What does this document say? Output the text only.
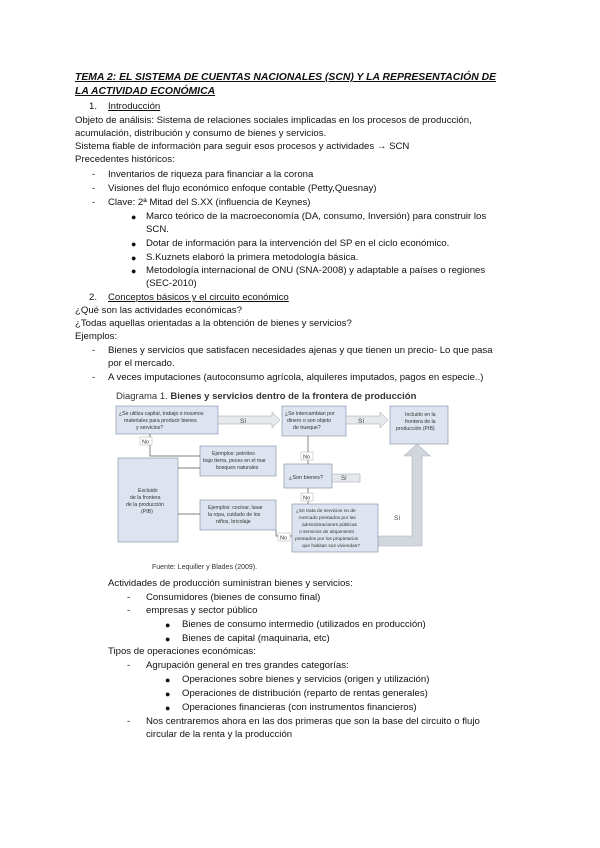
TEMA 2: EL SISTEMA DE CUENTAS NACIONALES (SCN) Y LA REPRESENTACIÓN DE
LA ACTIVIDAD ECONÓMICA
1. Introducción
Objeto de análisis: Sistema de relaciones sociales implicadas en los procesos de producción,
acumulación, distribución y consumo de bienes y servicios.
Sistema fiable de información para seguir esos procesos y actividades → SCN
Precedentes históricos:
- Inventarios de riqueza para financiar a la corona
- Visiones del flujo económico enfoque contable (Petty,Quesnay)
- Clave: 2ª Mitad del S.XX (influencia de Keynes)
● Marco teórico de la macroeconomía (DA, consumo, Inversión) para construir los
SCN.
● Dotar de información para la intervención del SP en el ciclo económico.
● S.Kuznets elaboró la primera metodología básica.
● Metodología internacional de ONU (SNA-2008) y adaptable a países o regiones
(SEC-2010)
2. Conceptos básicos y el circuito económico
¿Qué son las actividades económicas?
¿Todas aquellas orientadas a la obtención de bienes y servicios?
Ejemplos:
- Bienes y servicios que satisfacen necesidades ajenas y que tienen un precio- Lo que pasa
por el mercado.
- A veces imputaciones (autoconsumo agrícola, alquileres imputados, pagos en especie..)
Diagrama 1. Bienes y servicios dentro de la frontera de producción
Sí
¿Se utiliza capital, trabajo e insumos materiales para producir bienes y servicios?
Sí
¿Se intercambian por dinero o son objeto de trueque?
Sí
Incluido en la frontera de la producción (PIB)
No
Ejemplos: petróleo bajo tierra, peces en el mar bosques naturales
No
¿Son bienes?	Sí
Excluido de la frontera de la producción (PIB)
Ejemplos: cocinar, lavar la ropa, cuidado de los niños, bricolaje
No
¿Se trata de servicios no de mercado prestados por las administraciones públicas o servicios de alojamiento prestados por los propietarios que habitan sus viviendas?
No
Fuente: Lequiller y Blades (2009).
Actividades de producción suministran bienes y servicios:
- Consumidores (bienes de consumo final)
- empresas y sector público
● Bienes de consumo intermedio (utilizados en producción)
● Bienes de capital (maquinaria, etc)
Tipos de operaciones económicas:
- Agrupación general en tres grandes categorías:
● Operaciones sobre bienes y servicios (origen y utilización)
● Operaciones de distribución (reparto de rentas generales)
● Operaciones financieras (con instrumentos financieros)
- Nos centraremos ahora en las dos primeras que son la base del circuito o flujo
circular de la renta y la producción
